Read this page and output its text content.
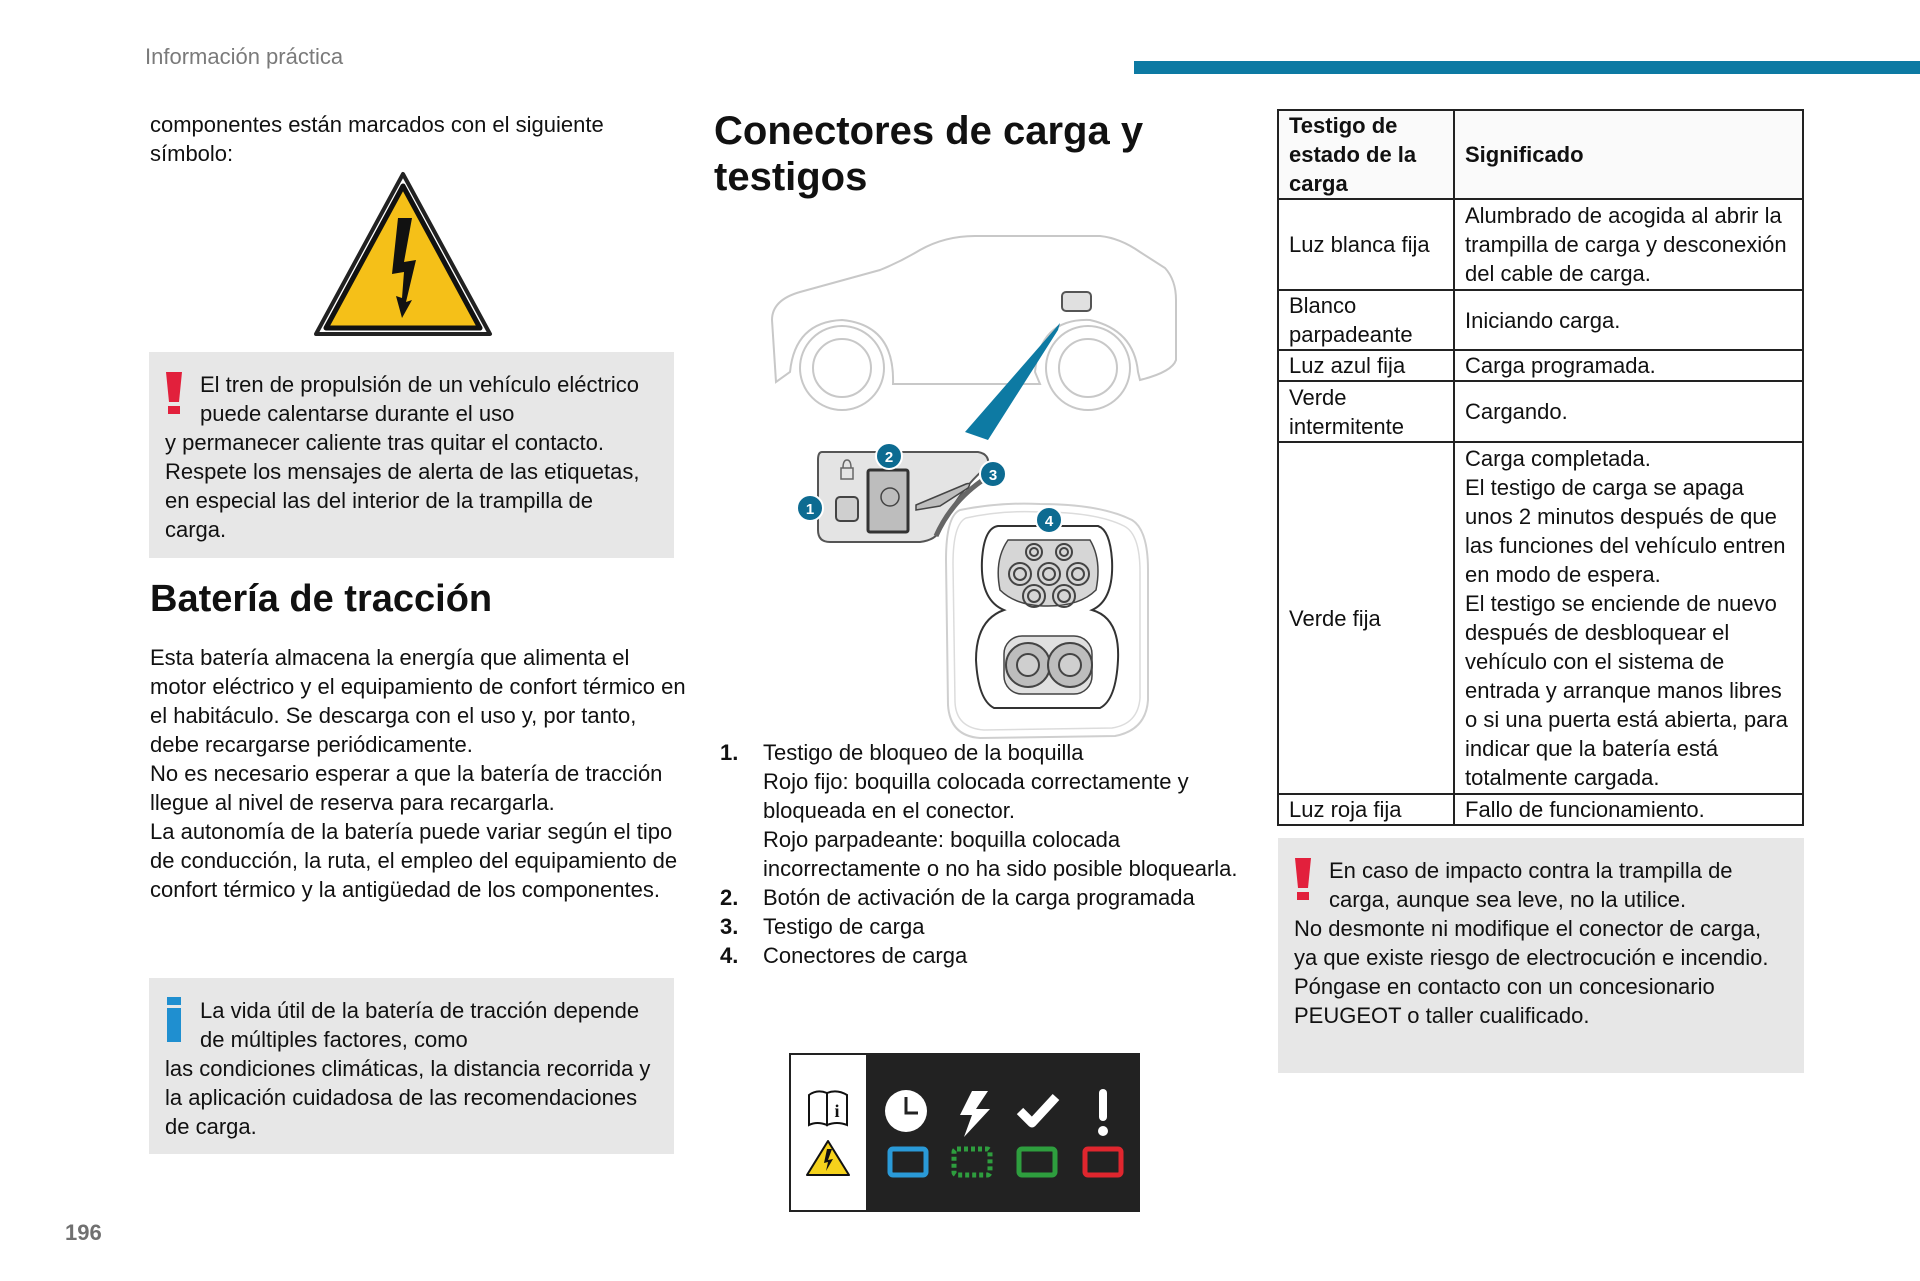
Información práctica
componentes están marcados con el siguiente símbolo:
El tren de propulsión de un vehículo eléctrico puede calentarse durante el uso
y permanecer caliente tras quitar el contacto. Respete los mensajes de alerta de las etiquetas, en especial las del interior de la trampilla de carga.
Batería de tracción
Esta batería almacena la energía que alimenta el motor eléctrico y el equipamiento de confort térmico en el habitáculo. Se descarga con el uso y, por tanto, debe recargarse periódicamente.
No es necesario esperar a que la batería de tracción llegue al nivel de reserva para recargarla.
La autonomía de la batería puede variar según el tipo de conducción, la ruta, el empleo del equipamiento de confort térmico y la antigüedad de los componentes.
La vida útil de la batería de tracción depende de múltiples factores, como
las condiciones climáticas, la distancia recorrida y la aplicación cuidadosa de las recomendaciones de carga.
196
Conectores de carga y testigos
1
2
3
4
1. Testigo de bloqueo de la boquilla
Rojo fijo: boquilla colocada correctamente y bloqueada en el conector.
Rojo parpadeante: boquilla colocada incorrectamente o no ha sido posible bloquearla.
2. Botón de activación de la carga programada
3. Testigo de carga
4. Conectores de carga
i
Testigo de estado de la carga	Significado
Luz blanca fija	Alumbrado de acogida al abrir la trampilla de carga y desconexión del cable de carga.
Blanco parpadeante	Iniciando carga.
Luz azul fija	Carga programada.
Verde intermitente	Cargando.
Verde fija	Carga completada.
El testigo de carga se apaga unos 2 minutos después de que las funciones del vehículo entren en modo de espera.
El testigo se enciende de nuevo después de desbloquear el vehículo con el sistema de entrada y arranque manos libres o si una puerta está abierta, para indicar que la batería está totalmente cargada.

Luz roja fija	Fallo de funcionamiento.
En caso de impacto contra la trampilla de carga, aunque sea leve, no la utilice.
No desmonte ni modifique el conector de carga, ya que existe riesgo de electrocución e incendio.
Póngase en contacto con un concesionario PEUGEOT o taller cualificado.
